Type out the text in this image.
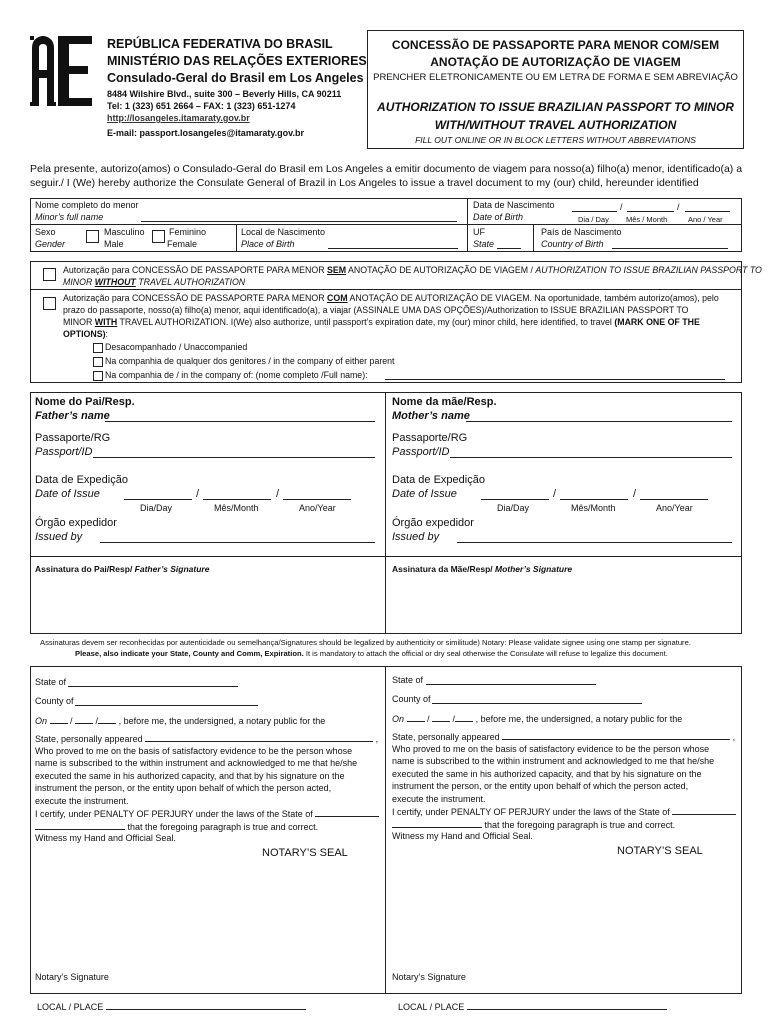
REPÚBLICA FEDERATIVA DO BRASIL
MINISTÉRIO DAS RELAÇÕES EXTERIORES
Consulado-Geral do Brasil em Los Angeles
8484 Wilshire Blvd., suite 300 – Beverly Hills, CA 90211
Tel: 1 (323) 651 2664 – FAX: 1 (323) 651-1274
http://losangeles.itamaraty.gov.br
E-mail: passport.losangeles@itamaraty.gov.br
CONCESSÃO DE PASSAPORTE PARA MENOR COM/SEM
ANOTAÇÃO DE AUTORIZAÇÃO DE VIAGEM
PRENCHER ELETRONICAMENTE OU EM LETRA DE FORMA E SEM ABREVIAÇÃO
AUTHORIZATION TO ISSUE BRAZILIAN PASSPORT TO MINOR
WITH/WITHOUT TRAVEL AUTHORIZATION
FILL OUT ONLINE OR IN BLOCK LETTERS WITHOUT ABBREVIATIONS
Pela presente, autorizo(amos) o Consulado-Geral do Brasil em Los Angeles a emitir documento de viagem para nosso(a) filho(a) menor, identificado(a) a
seguir./ I (We) hereby authorize the Consulate General of Brazil in Los Angeles to issue a travel document to my (our) child, hereunder identified
Nome completo do menor
Minor’s full name
Data de Nascimento
Date of Birth
/	/
Dia / Day Mês / Month	Ano / Year
Sexo
Gender
Masculino
Male
Feminino
Female
Local de Nascimento
Place of Birth
UF
State
País de Nascimento
Country of Birth
Autorização para CONCESSÃO DE PASSAPORTE PARA MENOR SEM ANOTAÇÃO DE AUTORIZAÇÃO DE VIAGEM / AUTHORIZATION TO ISSUE BRAZILIAN PASSPORT TO
MINOR WITHOUT TRAVEL AUTHORIZATION
Autorização para CONCESSÃO DE PASSAPORTE PARA MENOR COM ANOTAÇÃO DE AUTORIZAÇÃO DE VIAGEM. Na oportunidade, também autorizo(amos), pelo
prazo do passaporte, nosso(a) filho(a) menor, aqui identificado(a), a viajar (ASSINALE UMA DAS OPÇÕES)/Authorization to ISSUE BRAZILIAN PASSPORT TO
MINOR WITH TRAVEL AUTHORIZATION. I(We) also authorize, until passport’s expiration date, my (our) minor child, here identified, to travel (MARK ONE OF THE
OPTIONS):
Desacompanhado / Unaccompanied
Na companhia de qualquer dos genitores / in the company of either parent
Na companhia de / in the company of: (nome completo /Full name):
Nome do Pai/Resp.
Father’s name
Passaporte/RG
Passport/ID
Data de Expedição
Date of Issue	/	/
Dia/Day	Mês/Month	Ano/Year
Órgão expedidor
Issued by
Assinatura do Pai/Resp/ Father’s Signature
Nome da mãe/Resp.
Mother’s name
Passaporte/RG
Passport/ID
Data de Expedição
Date of Issue	/	/
Dia/Day	Mês/Month	Ano/Year
Órgão expedidor
Issued by
Assinatura da Mãe/Resp/ Mother’s Signature
Assinaturas devem ser reconhecidas por autenticidade ou semelhança/Signatures should be legalized by authenticity or similitude) Notary: Please validate signee using one stamp per signature.
Please, also indicate your State, County and Comm, Expiration. It is mandatory to attach the official or dry seal otherwise the Consulate will refuse to legalize this document.
State of
County of
On  /  / , before me, the undersigned, a notary public for the
State, personally appeared	,
Who proved to me on the basis of satisfactory evidence to be the person whose
name is subscribed to the within instrument and acknowledged to me that he/she
executed the same in his authorized capacity, and that by his signature on the
instrument the person, or the entity upon behalf of which the person acted,
execute the instrument.
I certify, under PENALTY OF PERJURY under the laws of the State of
that the foregoing paragraph is true and correct.
Witness my Hand and Official Seal.
NOTARY’S SEAL
Notary’s Signature
State of
County of
On  /  / , before me, the undersigned, a notary public for the
State, personally appeared	,
Who proved to me on the basis of satisfactory evidence to be the person whose
name is subscribed to the within instrument and acknowledged to me that he/she
executed the same in his authorized capacity, and that by his signature on the
instrument the person, or the entity upon behalf of which the person acted,
execute the instrument.
I certify, under PENALTY OF PERJURY under the laws of the State of
that the foregoing paragraph is true and correct.
Witness my Hand and Official Seal.
NOTARY’S SEAL
Notary’s Signature
LOCAL / PLACE	LOCAL / PLACE
